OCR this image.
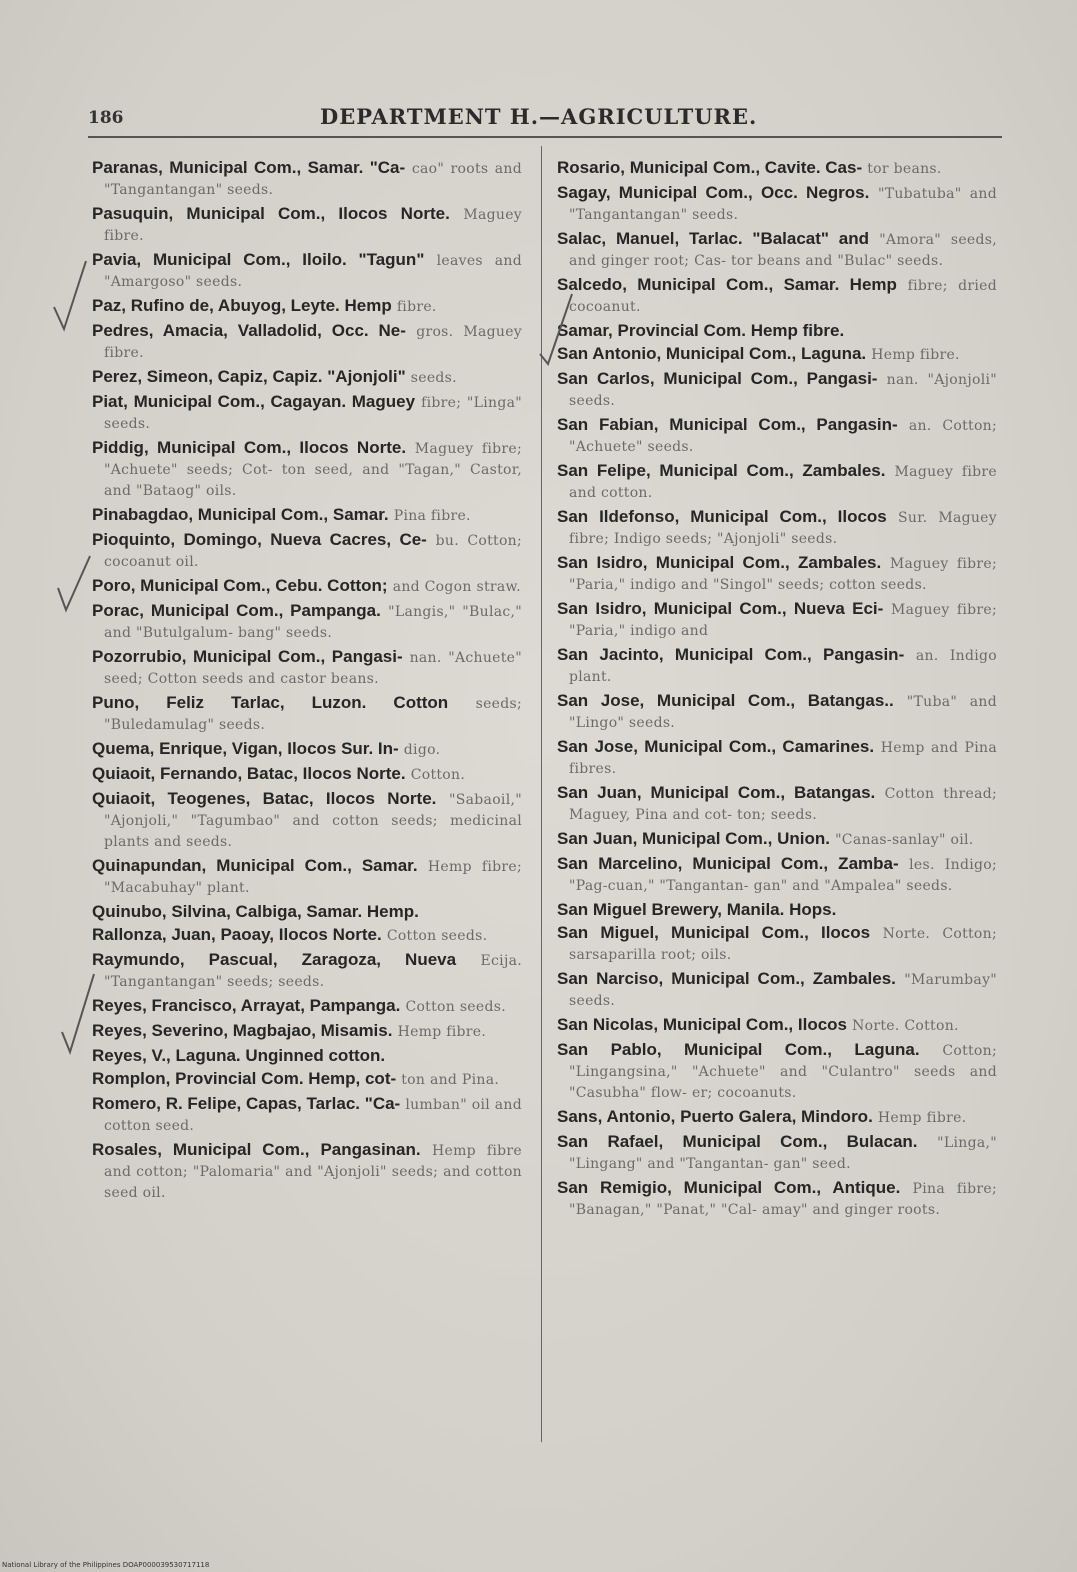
186	DEPARTMENT H.—AGRICULTURE.

Paranas, Municipal Com., Samar. "Ca- cao" roots and "Tangantangan" seeds.

Pasuquin, Municipal Com., Ilocos Norte. Maguey fibre.

Pavia, Municipal Com., Iloilo. "Tagun" leaves and "Amargoso" seeds.

Paz, Rufino de, Abuyog, Leyte. Hemp fibre.

Pedres, Amacia, Valladolid, Occ. Ne- gros. Maguey fibre.

Perez, Simeon, Capiz, Capiz. "Ajonjoli" seeds.

Piat, Municipal Com., Cagayan. Maguey fibre; "Linga" seeds.

Piddig, Municipal Com., Ilocos Norte. Maguey fibre; "Achuete" seeds; Cot- ton seed, and "Tagan," Castor, and "Bataog" oils.

Pinabagdao, Municipal Com., Samar. Pina fibre.

Pioquinto, Domingo, Nueva Cacres, Ce- bu. Cotton; cocoanut oil.

Poro, Municipal Com., Cebu. Cotton; and Cogon straw.

Porac, Municipal Com., Pampanga. "Langis," "Bulac," and "Butulgalum- bang" seeds.

Pozorrubio, Municipal Com., Pangasi- nan. "Achuete" seed; Cotton seeds and castor beans.

Puno, Feliz Tarlac, Luzon. Cotton seeds; "Buledamulag" seeds.

Quema, Enrique, Vigan, Ilocos Sur. In- digo.

Quiaoit, Fernando, Batac, Ilocos Norte. Cotton.

Quiaoit, Teogenes, Batac, Ilocos Norte. "Sabaoil," "Ajonjoli," "Tagumbao" and cotton seeds; medicinal plants and seeds.

Quinapundan, Municipal Com., Samar. Hemp fibre; "Macabuhay" plant.

Quinubo, Silvina, Calbiga, Samar. Hemp.

Rallonza, Juan, Paoay, Ilocos Norte. Cotton seeds.

Raymundo, Pascual, Zaragoza, Nueva Ecija. "Tangantangan" seeds; seeds.

Reyes, Francisco, Arrayat, Pampanga. Cotton seeds.

Reyes, Severino, Magbajao, Misamis. Hemp fibre.

Reyes, V., Laguna. Unginned cotton.

Romplon, Provincial Com. Hemp, cot- ton and Pina.

Romero, R. Felipe, Capas, Tarlac. "Ca- lumban" oil and cotton seed.

Rosales, Municipal Com., Pangasinan. Hemp fibre and cotton; "Palomaria" and "Ajonjoli" seeds; and cotton seed oil.

Rosario, Municipal Com., Cavite. Cas- tor beans.

Sagay, Municipal Com., Occ. Negros. "Tubatuba" and "Tangantangan" seeds.

Salac, Manuel, Tarlac. "Balacat" and "Amora" seeds, and ginger root; Cas- tor beans and "Bulac" seeds.

Salcedo, Municipal Com., Samar. Hemp fibre; dried cocoanut.

Samar, Provincial Com. Hemp fibre.

San Antonio, Municipal Com., Laguna. Hemp fibre.

San Carlos, Municipal Com., Pangasi- nan. "Ajonjoli" seeds.

San Fabian, Municipal Com., Pangasin- an. Cotton; "Achuete" seeds.

San Felipe, Municipal Com., Zambales. Maguey fibre and cotton.

San Ildefonso, Municipal Com., Ilocos Sur. Maguey fibre; Indigo seeds; "Ajonjoli" seeds.

San Isidro, Municipal Com., Zambales. Maguey fibre; "Paria," indigo and "Singol" seeds; cotton seeds.

San Isidro, Municipal Com., Nueva Eci- Maguey fibre; "Paria," indigo and

San Jacinto, Municipal Com., Pangasin- an. Indigo plant.

San Jose, Municipal Com., Batangas.. "Tuba" and "Lingo" seeds.

San Jose, Municipal Com., Camarines. Hemp and Pina fibres.

San Juan, Municipal Com., Batangas. Cotton thread; Maguey, Pina and cot- ton; seeds.

San Juan, Municipal Com., Union. "Canas-sanlay" oil.

San Marcelino, Municipal Com., Zamba- les. Indigo; "Pag-cuan," "Tangantan- gan" and "Ampalea" seeds.

San Miguel Brewery, Manila. Hops.

San Miguel, Municipal Com., Ilocos Norte. Cotton; sarsaparilla root; oils.

San Narciso, Municipal Com., Zambales. "Marumbay" seeds.

San Nicolas, Municipal Com., Ilocos Norte. Cotton.

San Pablo, Municipal Com., Laguna. Cotton; "Lingangsina," "Achuete" and "Culantro" seeds and "Casubha" flow- er; cocoanuts.

Sans, Antonio, Puerto Galera, Mindoro. Hemp fibre.

San Rafael, Municipal Com., Bulacan. "Linga," "Lingang" and "Tangantan- gan" seed.

San Remigio, Municipal Com., Antique. Pina fibre; "Banagan," "Panat," "Cal- amay" and ginger roots.

National Library of the Philippines DOAP000039530717118
